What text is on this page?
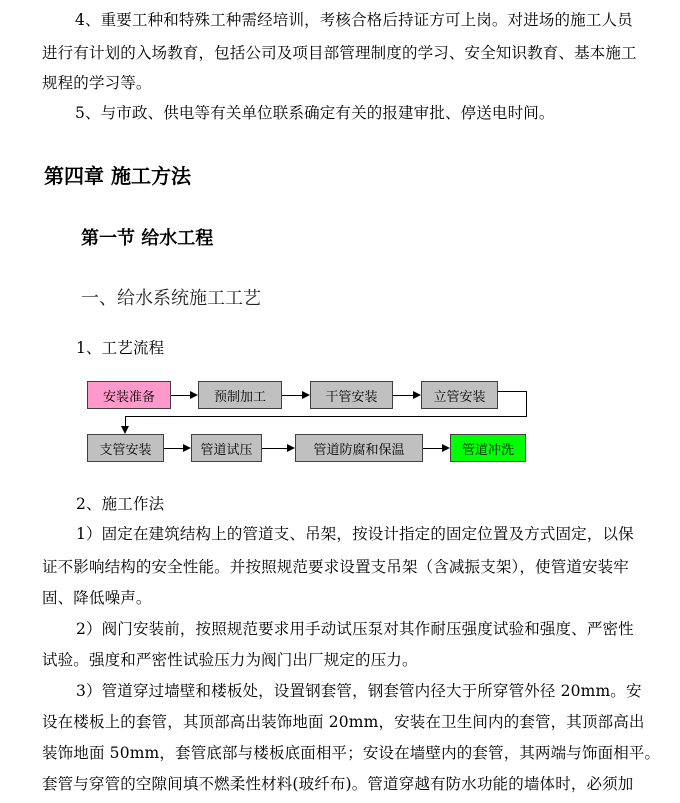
4、重要工种和特殊工种需经培训，考核合格后持证方可上岗。对进场的施工人员
进行有计划的入场教育，包括公司及项目部管理制度的学习、安全知识教育、基本施工
规程的学习等。
5、与市政、供电等有关单位联系确定有关的报建审批、停送电时间。
第四章 施工方法
第一节 给水工程
一、给水系统施工工艺
1、工艺流程
安装准备	预制加工	干管安装	立管安装
支管安装	管道试压	管道防腐和保温	管道冲洗
2、施工作法
1）固定在建筑结构上的管道支、吊架，按设计指定的固定位置及方式固定，以保
证不影响结构的安全性能。并按照规范要求设置支吊架（含减振支架），使管道安装牢
固、降低噪声。
2）阀门安装前，按照规范要求用手动试压泵对其作耐压强度试验和强度、严密性
试验。强度和严密性试验压力为阀门出厂规定的压力。
3）管道穿过墙壁和楼板处，设置钢套管，钢套管内径大于所穿管外径 20mm。安
设在楼板上的套管，其顶部高出装饰地面 20mm，安装在卫生间内的套管，其顶部高出
装饰地面 50mm，套管底部与楼板底面相平；安设在墙壁内的套管，其两端与饰面相平。
套管与穿管的空隙间填不燃柔性材料(玻纤布)。管道穿越有防水功能的墙体时，必须加
